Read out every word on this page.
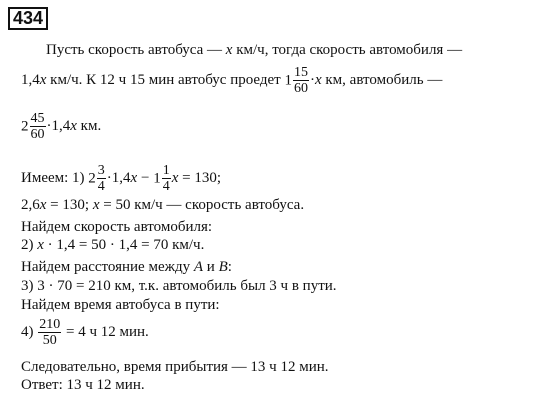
434
Пусть скорость автобуса — x км/ч, тогда скорость автомобиля —
1,4x км/ч. К 12 ч 15 мин автобус проедет $1 \frac{15}{60} \cdot x$ км, автомобиль —
$2 \frac{45}{60} \cdot 1,4x$ км.
Имеем: 1) $2 \frac{3}{4} \cdot 1,4x - 1 \frac{1}{4}$ x = 130;
2,6x = 130; x = 50 км/ч — скорость автобуса.
Найдем скорость автомобиля:
2) x · 1,4 = 50 · 1,4 = 70 км/ч.
Найдем расстояние между A и B:
3) 3 · 70 = 210 км, т.к. автомобиль был 3 ч в пути.
Найдем время автобуса в пути:
$4) \frac{210}{50} = 4$ ч 12 мин.
Следовательно, время прибытия — 13 ч 12 мин.
Ответ: 13 ч 12 мин.
